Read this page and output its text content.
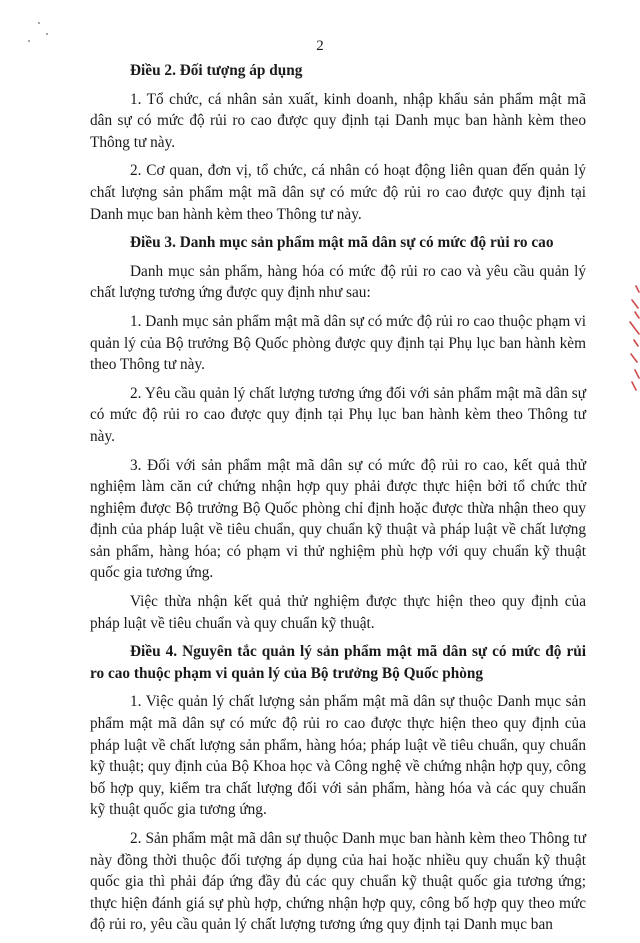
2

Điều 2. Đối tượng áp dụng

1. Tổ chức, cá nhân sản xuất, kinh doanh, nhập khẩu sản phẩm mật mã dân sự có mức độ rủi ro cao được quy định tại Danh mục ban hành kèm theo Thông tư này.

2. Cơ quan, đơn vị, tổ chức, cá nhân có hoạt động liên quan đến quản lý chất lượng sản phẩm mật mã dân sự có mức độ rủi ro cao được quy định tại Danh mục ban hành kèm theo Thông tư này.

Điều 3. Danh mục sản phẩm mật mã dân sự có mức độ rủi ro cao

Danh mục sản phẩm, hàng hóa có mức độ rủi ro cao và yêu cầu quản lý chất lượng tương ứng được quy định như sau:

1. Danh mục sản phẩm mật mã dân sự có mức độ rủi ro cao thuộc phạm vi quản lý của Bộ trưởng Bộ Quốc phòng được quy định tại Phụ lục ban hành kèm theo Thông tư này.

2. Yêu cầu quản lý chất lượng tương ứng đối với sản phẩm mật mã dân sự có mức độ rủi ro cao được quy định tại Phụ lục ban hành kèm theo Thông tư này.

3. Đối với sản phẩm mật mã dân sự có mức độ rủi ro cao, kết quả thử nghiệm làm căn cứ chứng nhận hợp quy phải được thực hiện bởi tổ chức thử nghiệm được Bộ trưởng Bộ Quốc phòng chỉ định hoặc được thừa nhận theo quy định của pháp luật về tiêu chuẩn, quy chuẩn kỹ thuật và pháp luật về chất lượng sản phẩm, hàng hóa; có phạm vi thử nghiệm phù hợp với quy chuẩn kỹ thuật quốc gia tương ứng.

Việc thừa nhận kết quả thử nghiệm được thực hiện theo quy định của pháp luật về tiêu chuẩn và quy chuẩn kỹ thuật.

Điều 4. Nguyên tắc quản lý sản phẩm mật mã dân sự có mức độ rủi ro cao thuộc phạm vi quản lý của Bộ trưởng Bộ Quốc phòng

1. Việc quản lý chất lượng sản phẩm mật mã dân sự thuộc Danh mục sản phẩm mật mã dân sự có mức độ rủi ro cao được thực hiện theo quy định của pháp luật về chất lượng sản phẩm, hàng hóa; pháp luật về tiêu chuẩn, quy chuẩn kỹ thuật; quy định của Bộ Khoa học và Công nghệ về chứng nhận hợp quy, công bố hợp quy, kiểm tra chất lượng đối với sản phẩm, hàng hóa và các quy chuẩn kỹ thuật quốc gia tương ứng.

2. Sản phẩm mật mã dân sự thuộc Danh mục ban hành kèm theo Thông tư này đồng thời thuộc đối tượng áp dụng của hai hoặc nhiều quy chuẩn kỹ thuật quốc gia thì phải đáp ứng đầy đủ các quy chuẩn kỹ thuật quốc gia tương ứng; thực hiện đánh giá sự phù hợp, chứng nhận hợp quy, công bố hợp quy theo mức độ rủi ro, yêu cầu quản lý chất lượng tương ứng quy định tại Danh mục ban
